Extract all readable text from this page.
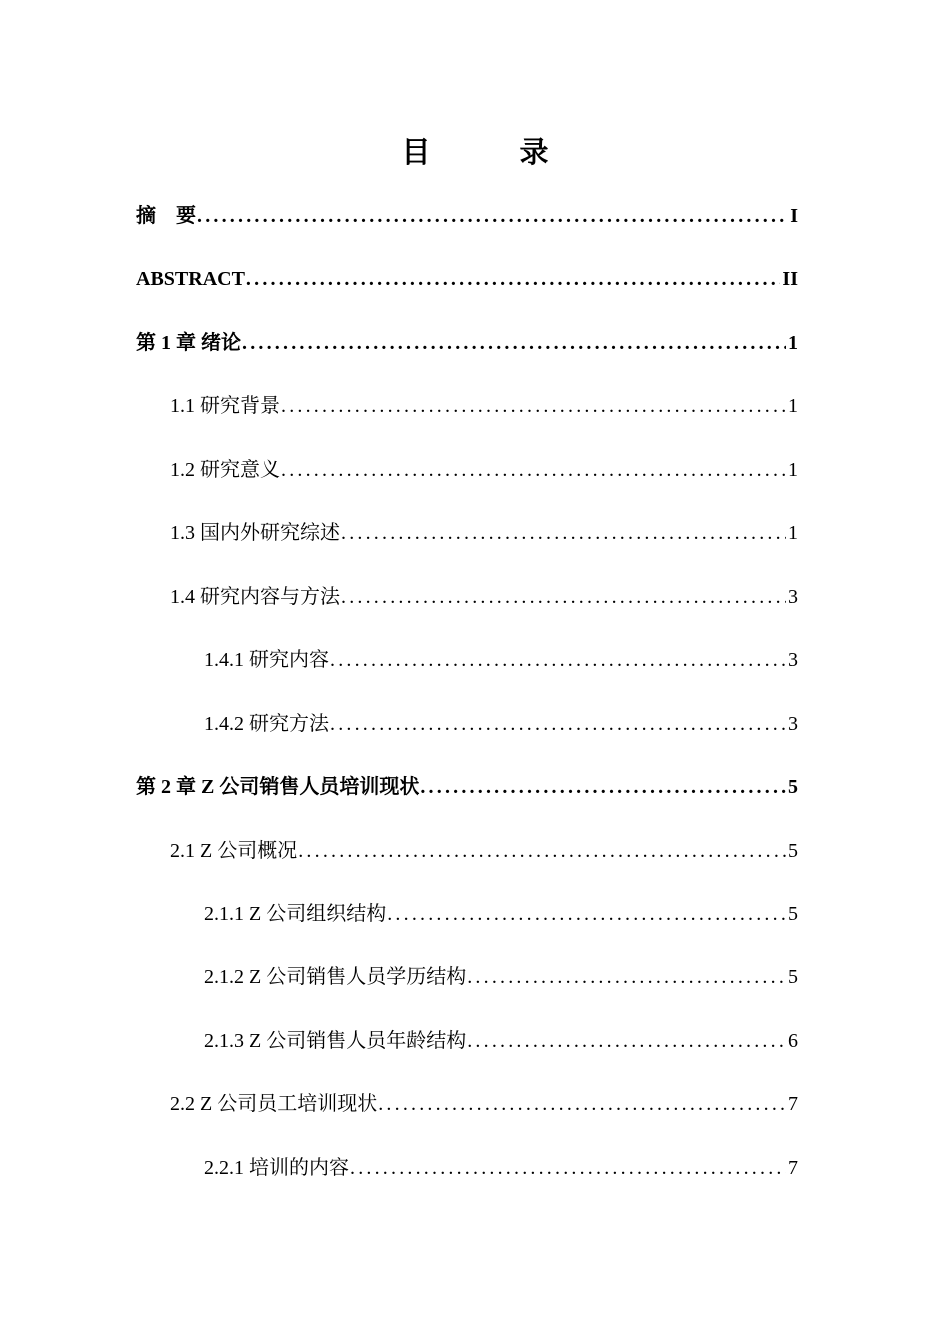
目　录
摘　要 .....	I
ABSTRACT .....	II
第 1 章 绪论 .....	1
1.1 研究背景 .....	1
1.2 研究意义 .....	1
1.3 国内外研究综述 .....	1
1.4 研究内容与方法 .....	3
1.4.1 研究内容 .....	3
1.4.2 研究方法 .....	3
第 2 章 Z 公司销售人员培训现状 .....	5
2.1 Z 公司概况 .....	5
2.1.1 Z 公司组织结构 .....	5
2.1.2 Z 公司销售人员学历结构 .....	5
2.1.3 Z 公司销售人员年龄结构 .....	6
2.2 Z 公司员工培训现状 .....	7
2.2.1 培训的内容 .....	7
